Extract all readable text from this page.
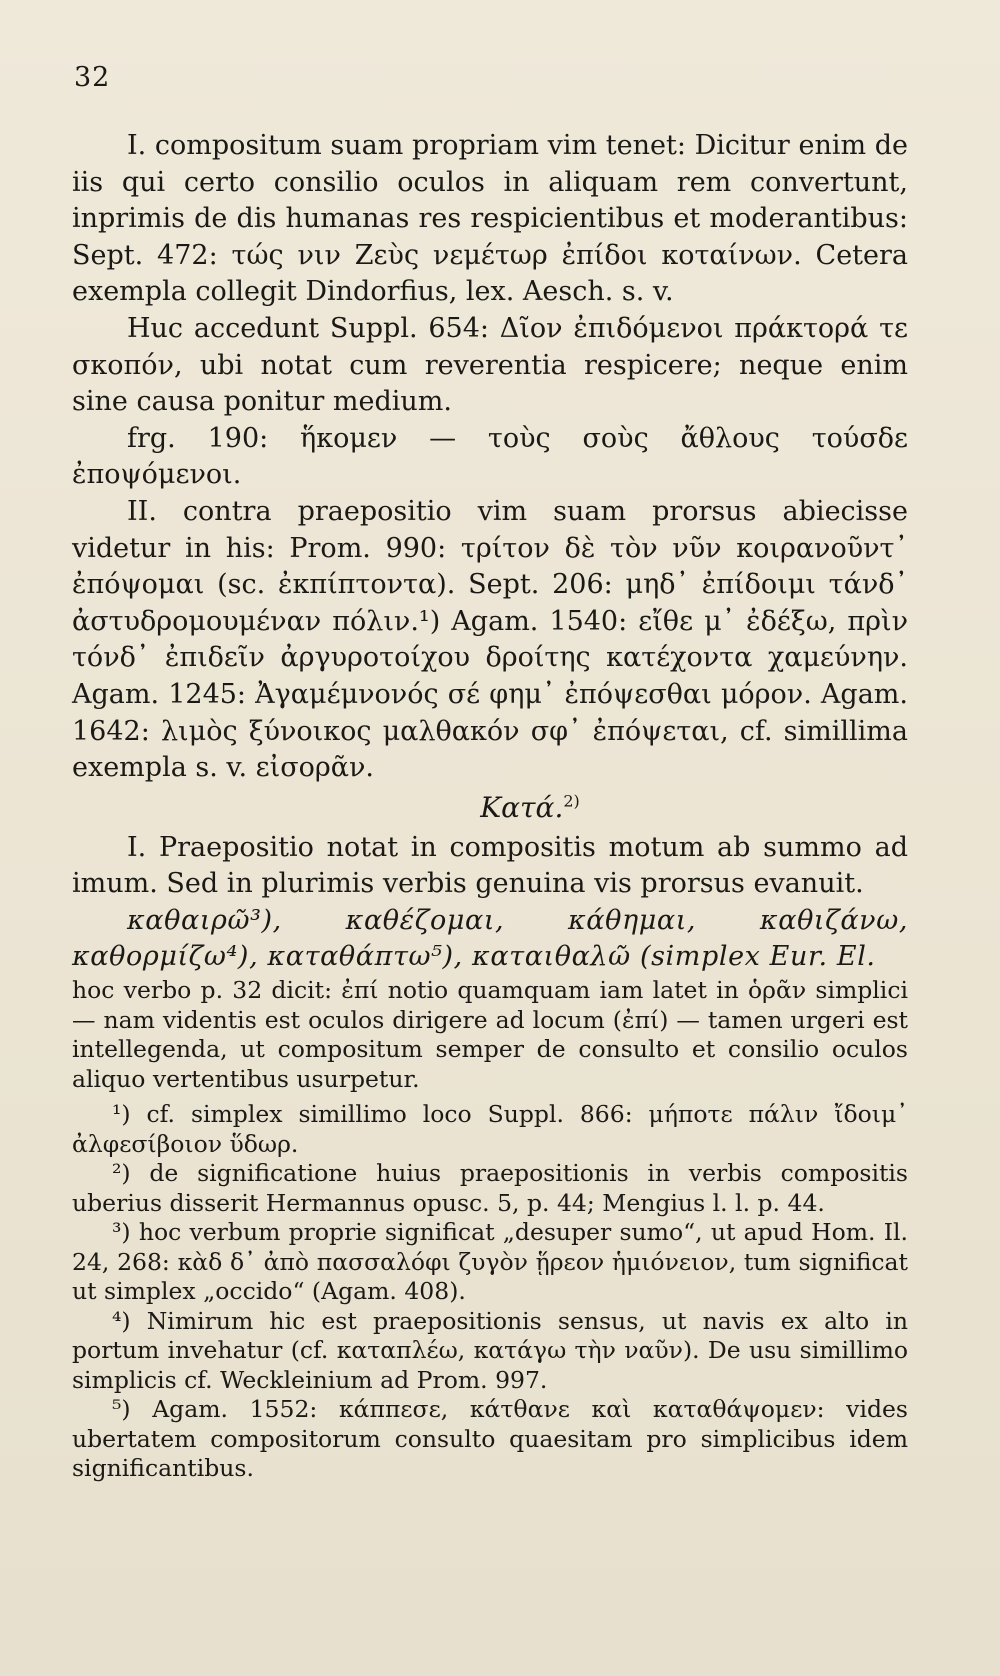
32

I. compositum suam propriam vim tenet: Dicitur enim de iis qui certo consilio oculos in aliquam rem convertunt, inprimis de dis humanas res respicientibus et moderantibus: Sept. 472: τώς νιν Ζεὺς νεμέτωρ ἐπίδοι κοταίνων. Cetera exempla collegit Dindorfius, lex. Aesch. s. v.

Huc accedunt Suppl. 654: Δῖον ἐπιδόμενοι πράκτορά τε σκοπόν, ubi notat cum reverentia respicere; neque enim sine causa ponitur medium.

frg. 190: ἥκομεν — τοὺς σοὺς ἄθλους τούσδε ἐποψόμενοι.

II. contra praepositio vim suam prorsus abiecisse videtur in his: Prom. 990: τρίτον δὲ τὸν νῦν κοιρανοῦντ᾽ ἐπόψομαι (sc. ἐκπίπτοντα). Sept. 206: μηδ᾽ ἐπίδοιμι τάνδ᾽ ἀστυδρομουμέναν πόλιν.¹) Agam. 1540: εἴθε μ᾽ ἐδέξω, πρὶν τόνδ᾽ ἐπιδεῖν ἀργυροτοίχου δροίτης κατέχοντα χαμεύνην. Agam. 1245: Ἀγαμέμνονός σέ φημ᾽ ἐπόψεσθαι μόρον. Agam. 1642: λιμὸς ξύνοικος μαλθακόν σφ᾽ ἐπόψεται, cf. simillima exempla s. v. εἰσορᾶν.

Κατά.$^{2)}$

I. Praepositio notat in compositis motum ab summo ad imum. Sed in plurimis verbis genuina vis prorsus evanuit.

καθαιρῶ³), καθέζομαι, κάθημαι, καθιζάνω, καθορμίζω⁴), καταθάπτω⁵), καταιθαλῶ (simplex Eur. El.

hoc verbo p. 32 dicit: ἐπί notio quamquam iam latet in ὁρᾶν simplici — nam videntis est oculos dirigere ad locum (ἐπί) — tamen urgeri est intellegenda, ut compositum semper de consulto et consilio oculos aliquo vertentibus usurpetur.

¹) cf. simplex simillimo loco Suppl. 866: μήποτε πάλιν ἴδοιμ᾽ ἀλφεσίβοιον ὕδωρ.

²) de significatione huius praepositionis in verbis compositis uberius disserit Hermannus opusc. 5, p. 44; Mengius l. l. p. 44.

³) hoc verbum proprie significat „desuper sumo“, ut apud Hom. Il. 24, 268: κὰδ δ᾽ ἀπὸ πασσαλόφι ζυγὸν ᾕρεον ἡμιόνειον, tum significat ut simplex „occido“ (Agam. 408).

⁴) Nimirum hic est praepositionis sensus, ut navis ex alto in portum invehatur (cf. καταπλέω, κατάγω τὴν ναῦν). De usu simillimo simplicis cf. Weckleinium ad Prom. 997.

⁵) Agam. 1552: κάππεσε, κάτθανε καὶ καταθάψομεν: vides ubertatem compositorum consulto quaesitam pro simplicibus idem significantibus.
